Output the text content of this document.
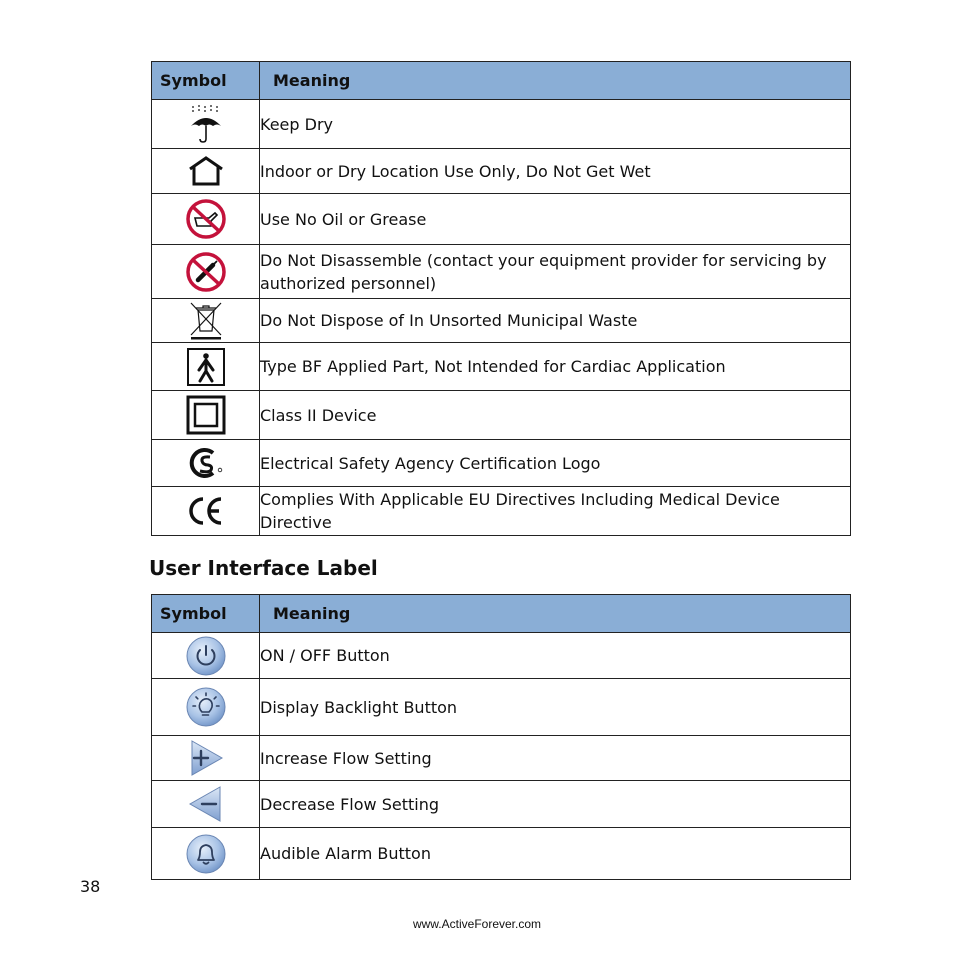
Symbol	Meaning

	Keep Dry

	Indoor or Dry Location Use Only, Do Not Get Wet

	Use No Oil or Grease

	Do Not Disassemble (contact your equipment provider for servicing by authorized personnel)

	Do Not Dispose of In Unsorted Municipal Waste

	Type BF Applied Part, Not Intended for Cardiac Application

	Class II Device

	Electrical Safety Agency Certification Logo

	Complies With Applicable EU Directives Including Medical Device Directive
User Interface Label
Symbol	Meaning

	ON / OFF Button

	Display Backlight Button

	Increase Flow Setting

	Decrease Flow Setting

	Audible Alarm Button
38
www.ActiveForever.com
